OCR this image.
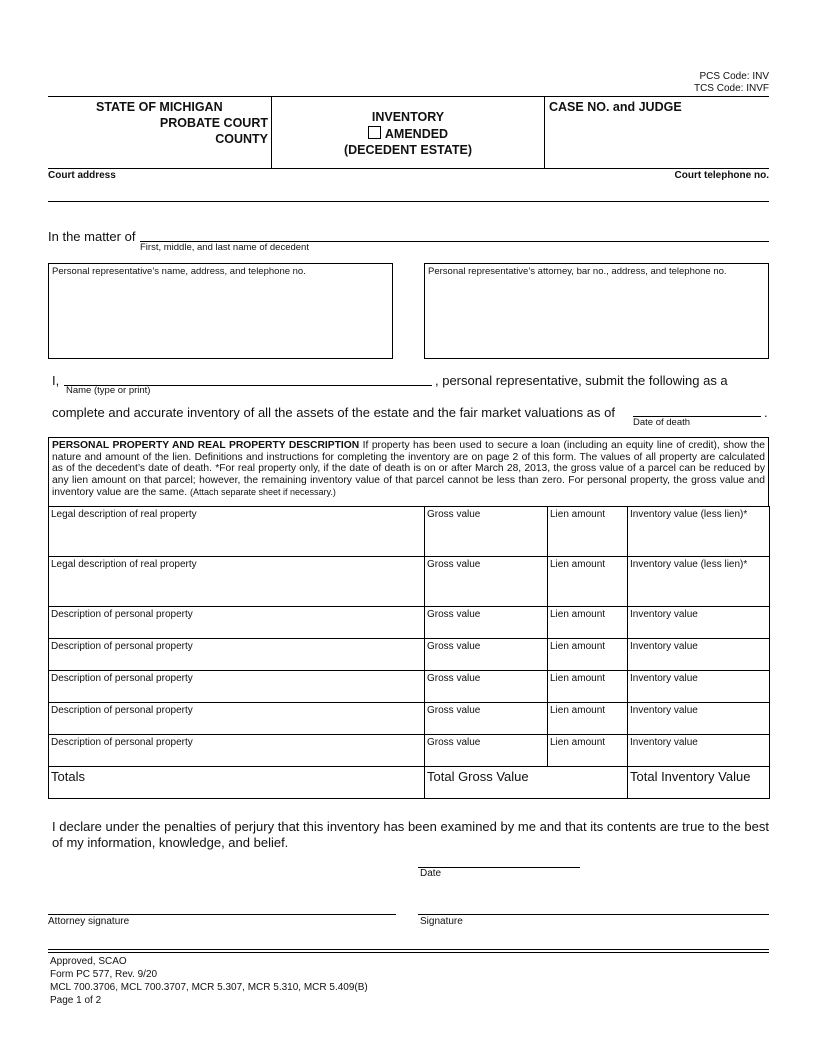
PCS Code: INV
TCS Code: INVF
STATE OF MICHIGAN
PROBATE COURT
COUNTY
INVENTORY
AMENDED
(DECEDENT ESTATE)
CASE NO. and JUDGE
Court address	Court telephone no.
In the matter of
First, middle, and last name of decedent
Personal representative’s name, address, and telephone no.	Personal representative’s attorney, bar no., address, and telephone no.
I,
Name (type or print)
, personal representative, submit the following as a
complete and accurate inventory of all the assets of the estate and the fair market valuations as of	.
Date of death
PERSONAL PROPERTY AND REAL PROPERTY DESCRIPTION If property has been used to secure a loan (including an equity line of credit), show the nature and amount of the lien. Definitions and instructions for completing the inventory are on page 2 of this form. The values of all property are calculated as of the decedent’s date of death. *For real property only, if the date of death is on or after March 28, 2013, the gross value of a parcel can be reduced by any lien amount on that parcel; however, the remaining inventory value of that parcel cannot be less than zero. For personal property, the gross value and inventory value are the same. (Attach separate sheet if necessary.)
Legal description of real property	Gross value	Lien amount	Inventory value (less lien)*
Legal description of real property	Gross value	Lien amount	Inventory value (less lien)*
Description of personal property	Gross value	Lien amount	Inventory value
Description of personal property	Gross value	Lien amount	Inventory value
Description of personal property	Gross value	Lien amount	Inventory value
Description of personal property	Gross value	Lien amount	Inventory value
Description of personal property	Gross value	Lien amount	Inventory value
Totals	Total Gross Value		Total Inventory Value
I declare under the penalties of perjury that this inventory has been examined by me and that its contents are true to the best of my information, knowledge, and belief.
Date
Attorney signature	Signature
Approved, SCAO
Form PC 577, Rev. 9/20
MCL 700.3706, MCL 700.3707, MCR 5.307, MCR 5.310, MCR 5.409(B)
Page 1 of 2
